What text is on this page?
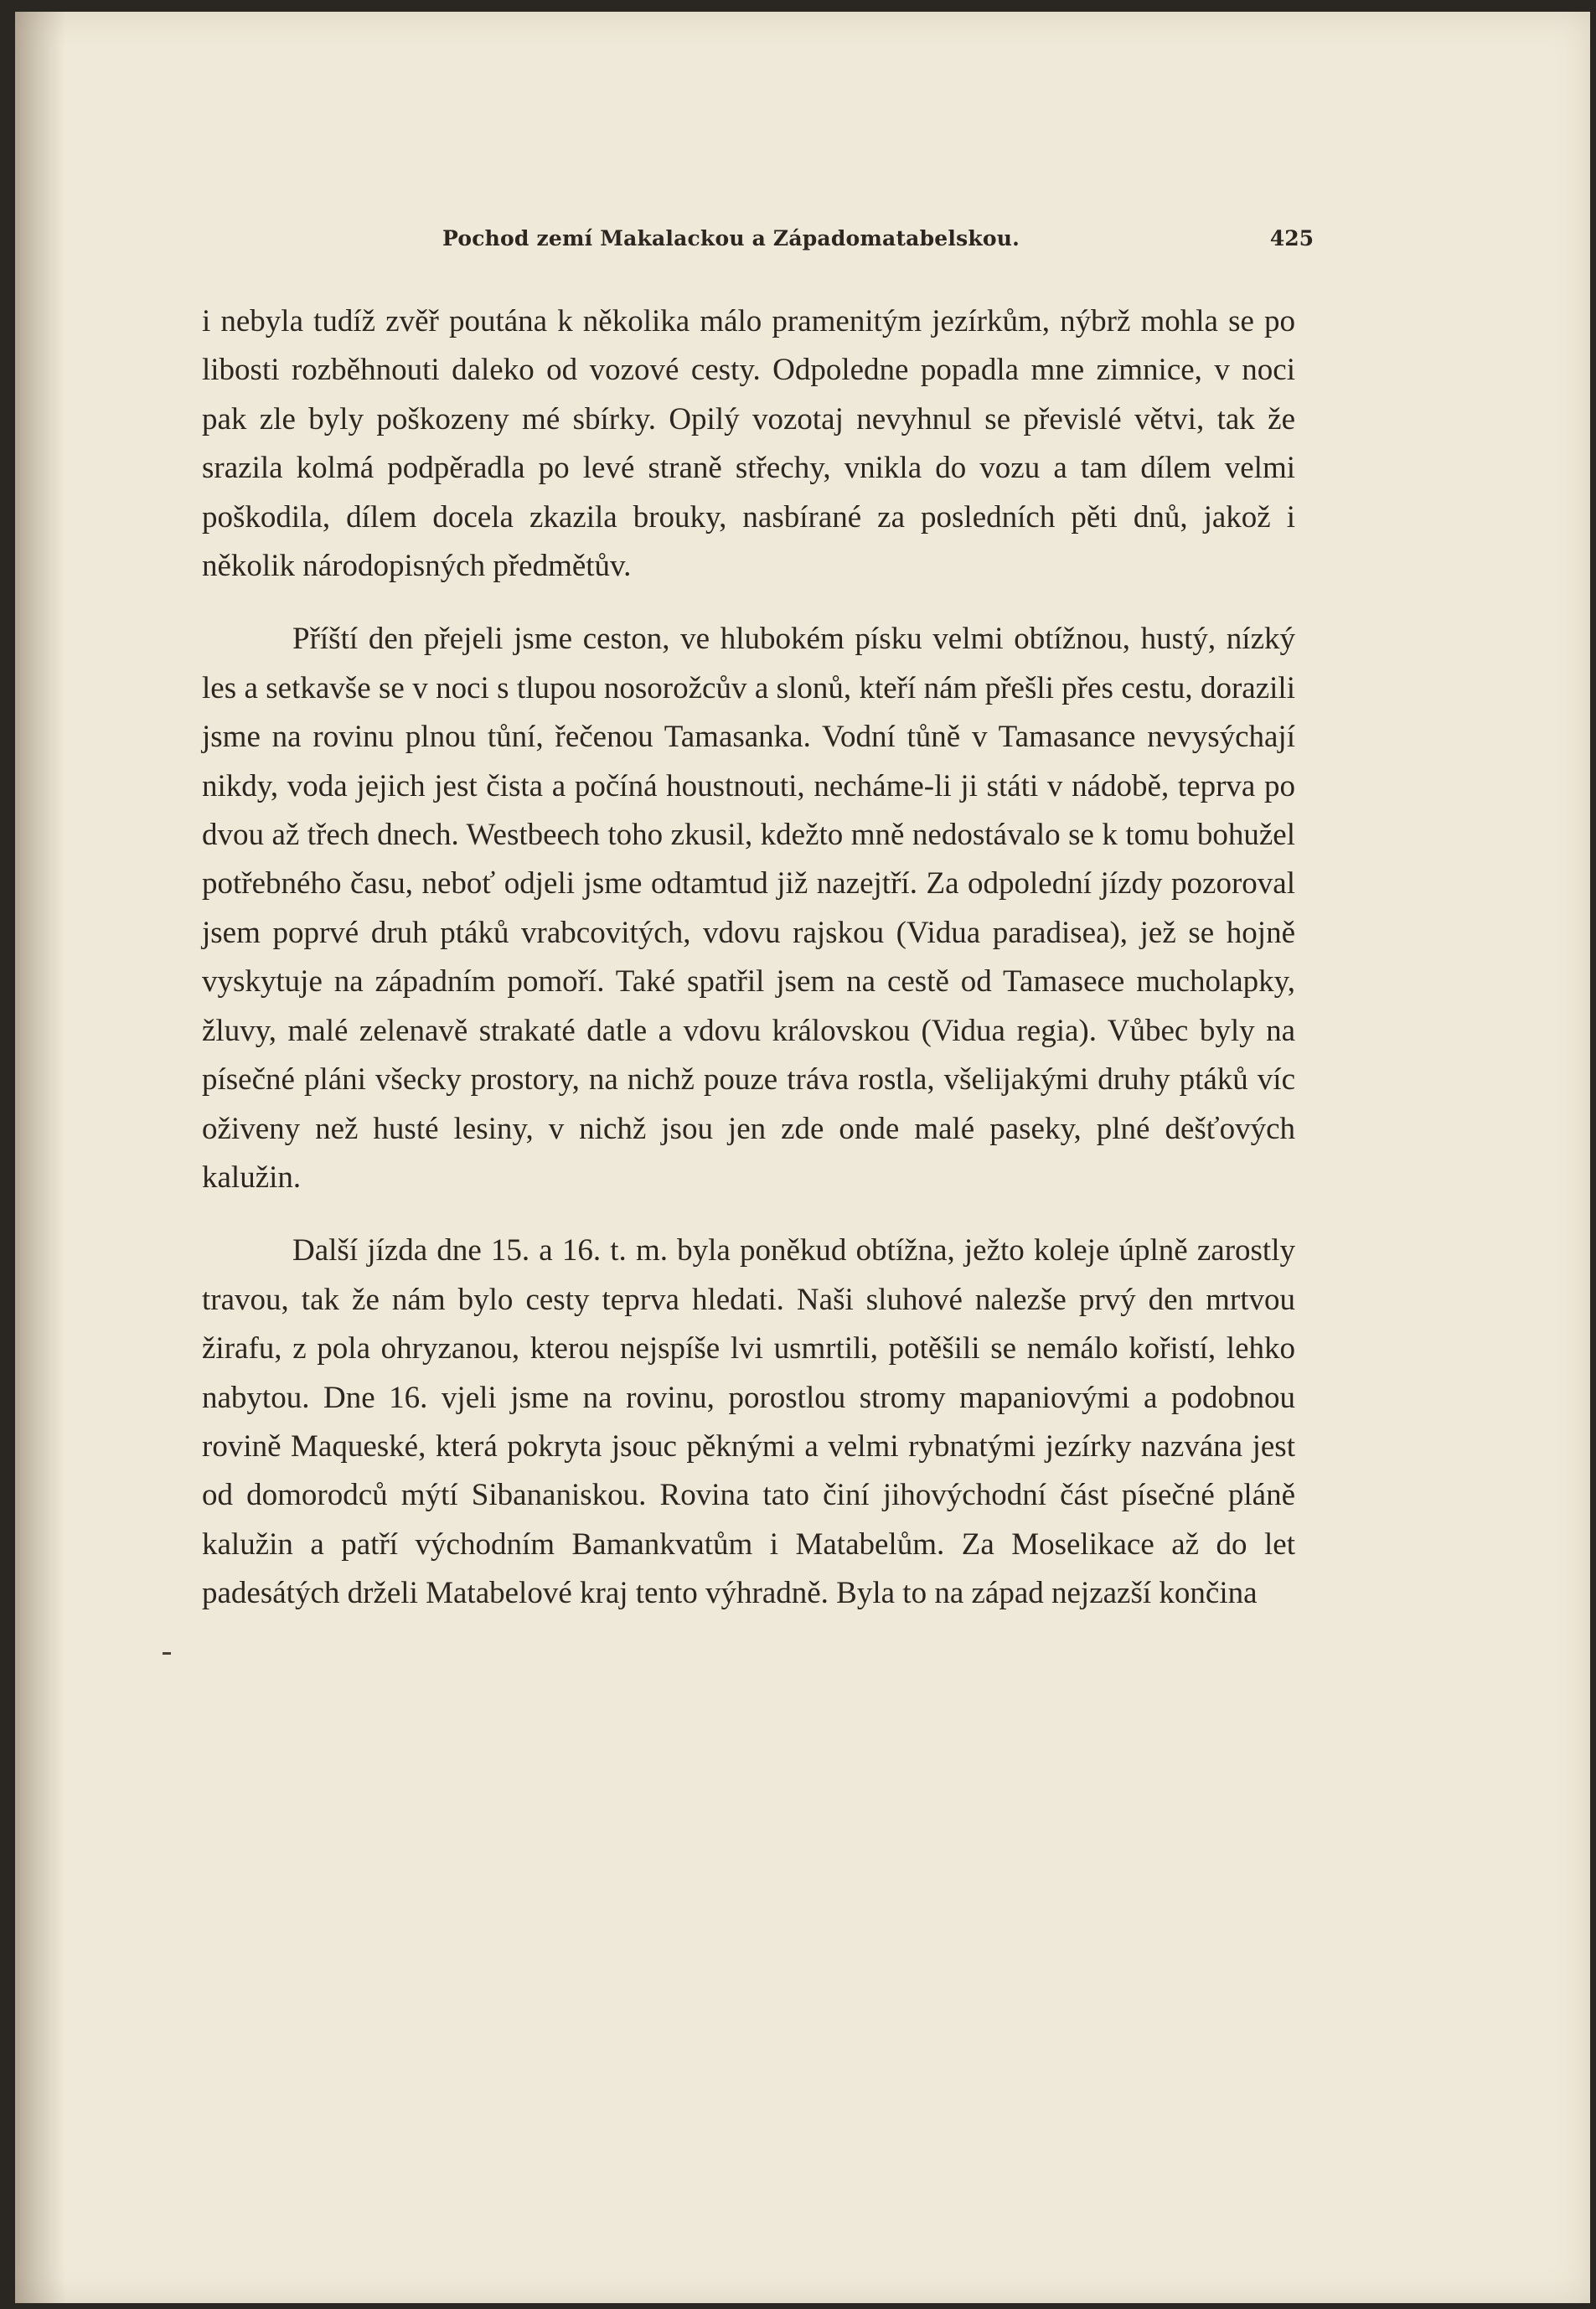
Pochod zemí Makalackou a Západomatabelskou.	425

i nebyla tudíž zvěř poutána k několika málo pramenitým jezírkům, nýbrž mohla se po libosti rozběhnouti daleko od vozové cesty. Odpoledne popadla mne zimnice, v noci pak zle byly poškozeny mé sbírky. Opilý vozotaj nevyhnul se převislé větvi, tak že srazila kolmá podpěradla po levé straně střechy, vnikla do vozu a tam dílem velmi poškodila, dílem docela zkazila brouky, nasbírané za posledních pěti dnů, jakož i několik národopisných předmětův.

Příští den přejeli jsme ceston, ve hlubokém písku velmi obtížnou, hustý, nízký les a setkavše se v noci s tlupou nosorožcův a slonů, kteří nám přešli přes cestu, dorazili jsme na rovinu plnou tůní, řečenou Tamasanka. Vodní tůně v Tamasance nevysýchají nikdy, voda jejich jest čista a počíná houstnouti, necháme-li ji státi v nádobě, teprva po dvou až třech dnech. Westbeech toho zkusil, kdežto mně nedostávalo se k tomu bohužel potřebného času, neboť odjeli jsme odtamtud již nazejtří. Za odpolední jízdy pozoroval jsem poprvé druh ptáků vrabcovitých, vdovu rajskou (Vidua paradisea), jež se hojně vyskytuje na západním pomoří. Také spatřil jsem na cestě od Tamasece mucholapky, žluvy, malé zelenavě strakaté datle a vdovu královskou (Vidua regia). Vůbec byly na písečné pláni všecky prostory, na nichž pouze tráva rostla, všelijakými druhy ptáků víc oživeny než husté lesiny, v nichž jsou jen zde onde malé paseky, plné dešťových kalužin.

Další jízda dne 15. a 16. t. m. byla poněkud obtížna, ježto koleje úplně zarostly travou, tak že nám bylo cesty teprva hledati. Naši sluhové nalezše prvý den mrtvou žirafu, z pola ohryzanou, kterou nejspíše lvi usmrtili, potěšili se nemálo kořistí, lehko nabytou. Dne 16. vjeli jsme na rovinu, porostlou stromy mapaniovými a podobnou rovině Maqueské, která pokryta jsouc pěknými a velmi rybnatými jezírky nazvána jest od domorodců mýtí Sibananiskou. Rovina tato činí jihovýchodní část písečné pláně kalužin a patří východním Bamankvatům i Matabelům. Za Moselikace až do let padesátých drželi Matabelové kraj tento výhradně. Byla to na západ nejzazší končina
